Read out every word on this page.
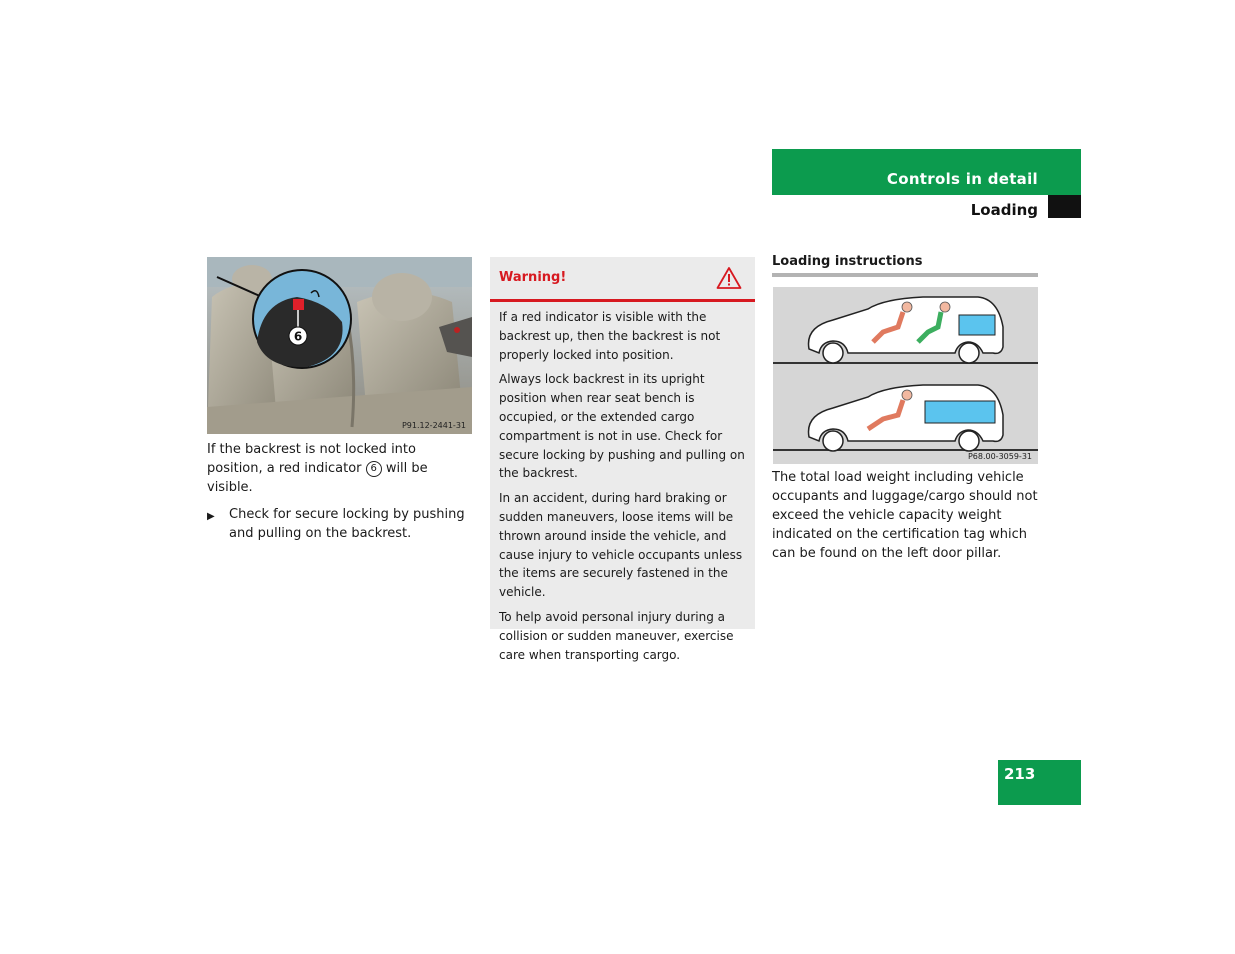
Controls in detail
Loading
6
P91.12-2441-31

If the backrest is not locked into position, a red indicator 6 will be visible.

▶	Check for secure locking by pushing and pulling on the backrest.
Warning!

If a red indicator is visible with the backrest up, then the backrest is not properly locked into position.

Always lock backrest in its upright position when rear seat bench is occupied, or the extended cargo compartment is not in use. Check for secure locking by pushing and pulling on the backrest.

In an accident, during hard braking or sudden maneuvers, loose items will be thrown around inside the vehicle, and cause injury to vehicle occupants unless the items are securely fastened in the vehicle.

To help avoid personal injury during a collision or sudden maneuver, exercise care when transporting cargo.

Loading instructions
P68.00-3059-31

The total load weight including vehicle occupants and luggage/cargo should not exceed the vehicle capacity weight indicated on the certification tag which can be found on the left door pillar.

213
